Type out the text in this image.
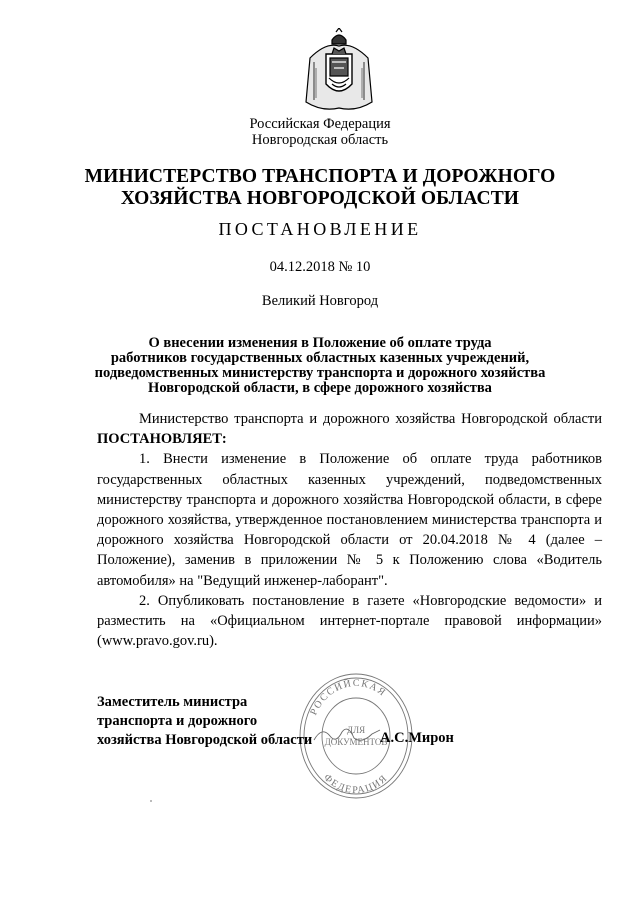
Российская Федерация
Новгородская область
МИНИСТЕРСТВО ТРАНСПОРТА И ДОРОЖНОГО
ХОЗЯЙСТВА НОВГОРОДСКОЙ ОБЛАСТИ
ПОСТАНОВЛЕНИЕ
04.12.2018 № 10
Великий Новгород
О внесении изменения в Положение об оплате труда
работников государственных областных казенных учреждений,
подведомственных министерству транспорта и дорожного хозяйства
Новгородской области, в сфере дорожного хозяйства

Министерство транспорта и дорожного хозяйства Новгородской области ПОСТАНОВЛЯЕТ:

1. Внести изменение в Положение об оплате труда работников государственных областных казенных учреждений, подведомственных министерству транспорта и дорожного хозяйства Новгородской области, в сфере дорожного хозяйства, утвержденное постановлением министерства транспорта и дорожного хозяйства Новгородской области от 20.04.2018 № 4 (далее – Положение), заменив в приложении № 5 к Положению слова «Водитель автомобиля» на "Ведущий инженер-лаборант".

2. Опубликовать постановление в газете «Новгородские ведомости» и разместить на «Официальном интернет-портале правовой информации» (www.pravo.gov.ru).

РОССИЙСКАЯ
ФЕДЕРАЦИЯ
ДЛЯ
ДОКУМЕНТОВ
Заместитель министра
транспорта и дорожного
хозяйства Новгородской области	А.С.Мирон
